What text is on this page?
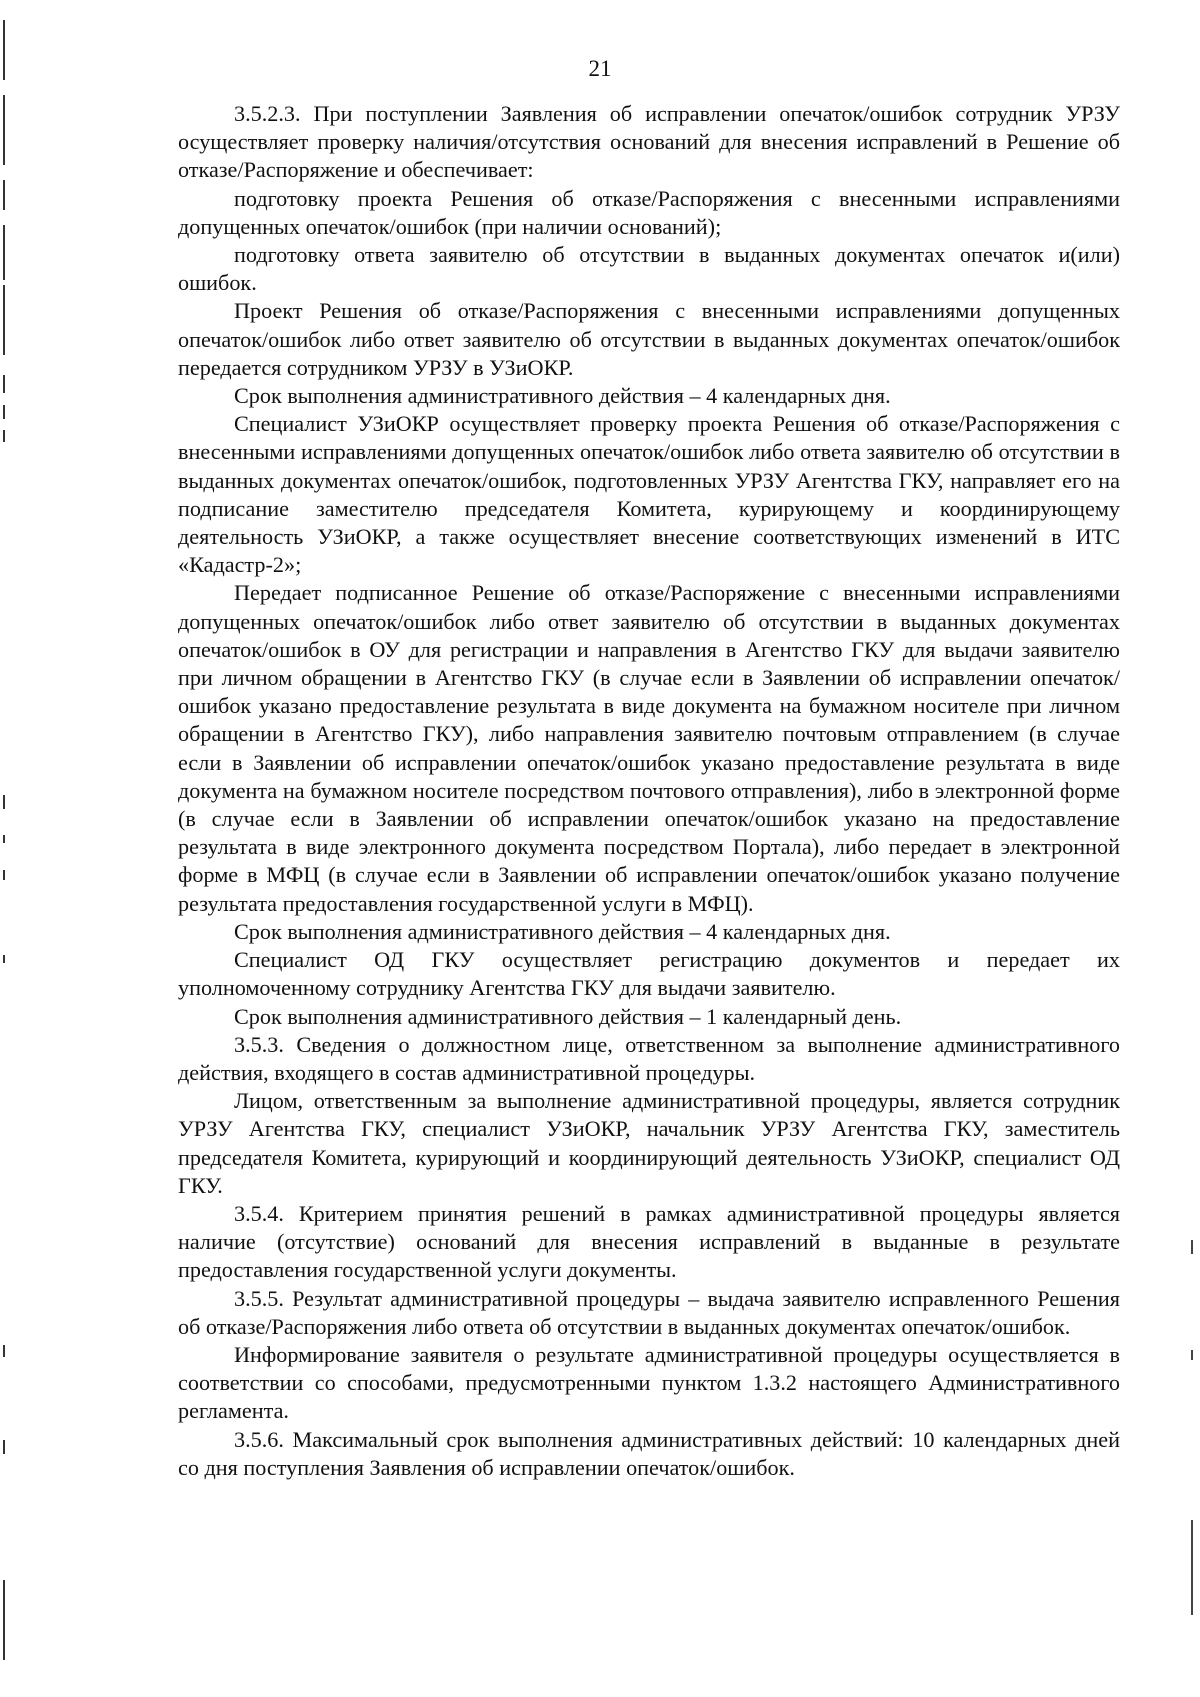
21

3.5.2.3. При поступлении Заявления об исправлении опечаток/ошибок сотрудник УРЗУ осуществляет проверку наличия/отсутствия оснований для внесения исправлений в Решение об отказе/Распоряжение и обеспечивает:

подготовку проекта Решения об отказе/Распоряжения с внесенными исправлениями допущенных опечаток/ошибок (при наличии оснований);

подготовку ответа заявителю об отсутствии в выданных документах опечаток и(или) ошибок.

Проект Решения об отказе/Распоряжения с внесенными исправлениями допущенных опечаток/ошибок либо ответ заявителю об отсутствии в выданных документах опечаток/ошибок передается сотрудником УРЗУ в УЗиОКР.

Срок выполнения административного действия – 4 календарных дня.

Специалист УЗиОКР осуществляет проверку проекта Решения об отказе/Распоряжения с внесенными исправлениями допущенных опечаток/ошибок либо ответа заявителю об отсутствии в выданных документах опечаток/ошибок, подготовленных УРЗУ Агентства ГКУ, направляет его на подписание заместителю председателя Комитета, курирующему и координирующему деятельность УЗиОКР, а также осуществляет внесение соответствующих изменений в ИТС «Кадастр-2»;

Передает подписанное Решение об отказе/Распоряжение с внесенными исправлениями допущенных опечаток/ошибок либо ответ заявителю об отсутствии в выданных документах опечаток/ошибок в ОУ для регистрации и направления в Агентство ГКУ для выдачи заявителю при личном обращении в Агентство ГКУ (в случае если в Заявлении об исправлении опечаток/ошибок указано предоставление результата в виде документа на бумажном носителе при личном обращении в Агентство ГКУ), либо направления заявителю почтовым отправлением (в случае если в Заявлении об исправлении опечаток/ошибок указано предоставление результата в виде документа на бумажном носителе посредством почтового отправления), либо в электронной форме (в случае если в Заявлении об исправлении опечаток/ошибок указано на предоставление результата в виде электронного документа посредством Портала), либо передает в электронной форме в МФЦ (в случае если в Заявлении об исправлении опечаток/ошибок указано получение результата предоставления государственной услуги в МФЦ).

Срок выполнения административного действия – 4 календарных дня.

Специалист ОД ГКУ осуществляет регистрацию документов и передает их уполномоченному сотруднику Агентства ГКУ для выдачи заявителю.

Срок выполнения административного действия – 1 календарный день.

3.5.3. Сведения о должностном лице, ответственном за выполнение административного действия, входящего в состав административной процедуры.

Лицом, ответственным за выполнение административной процедуры, является сотрудник УРЗУ Агентства ГКУ, специалист УЗиОКР, начальник УРЗУ Агентства ГКУ, заместитель председателя Комитета, курирующий и координирующий деятельность УЗиОКР, специалист ОД ГКУ.

3.5.4. Критерием принятия решений в рамках административной процедуры является наличие (отсутствие) оснований для внесения исправлений в выданные в результате предоставления государственной услуги документы.

3.5.5. Результат административной процедуры – выдача заявителю исправленного Решения об отказе/Распоряжения либо ответа об отсутствии в выданных документах опечаток/ошибок.

Информирование заявителя о результате административной процедуры осуществляется в соответствии со способами, предусмотренными пунктом 1.3.2 настоящего Административного регламента.

3.5.6. Максимальный срок выполнения административных действий: 10 календарных дней со дня поступления Заявления об исправлении опечаток/ошибок.
